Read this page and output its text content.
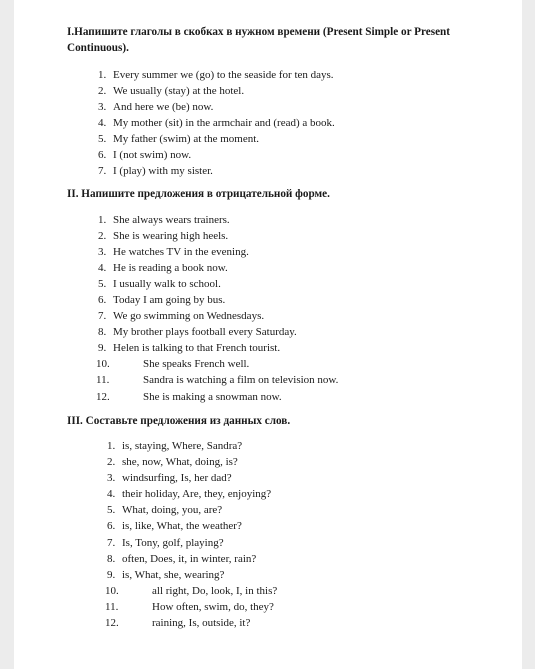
I.Напишите глаголы в скобках в нужном времени (Present Simple or Present Continuous).

1. Every summer we (go) to the seaside for ten days.
2. We usually (stay) at the hotel.
3. And here we (be) now.
4. My mother (sit) in the armchair and (read) a book.
5. My father (swim) at the moment.
6. I (not swim) now.
7. I (play) with my sister.

II. Напишите предложения в отрицательной форме.

1. She always wears trainers.
2. She is wearing high heels.
3. He watches TV in the evening.
4. He is reading a book now.
5. I usually walk to school.
6. Today I am going by bus.
7. We go swimming on Wednesdays.
8. My brother plays football every Saturday.
9. Helen is talking to that French tourist.
10.	She speaks French well.
11.	Sandra is watching a film on television now.
12.	She is making a snowman now.

III. Составьте предложения из данных слов.

1. is, staying, Where, Sandra?
2. she, now, What, doing, is?
3. windsurfing, Is, her dad?
4. their holiday, Are, they, enjoying?
5. What, doing, you, are?
6. is, like, What, the weather?
7. Is, Tony, golf, playing?
8. often, Does, it, in winter, rain?
9. is, What, she, wearing?
10.	all right, Do, look, I, in this?
11.	How often, swim, do, they?
12.	raining, Is, outside, it?
